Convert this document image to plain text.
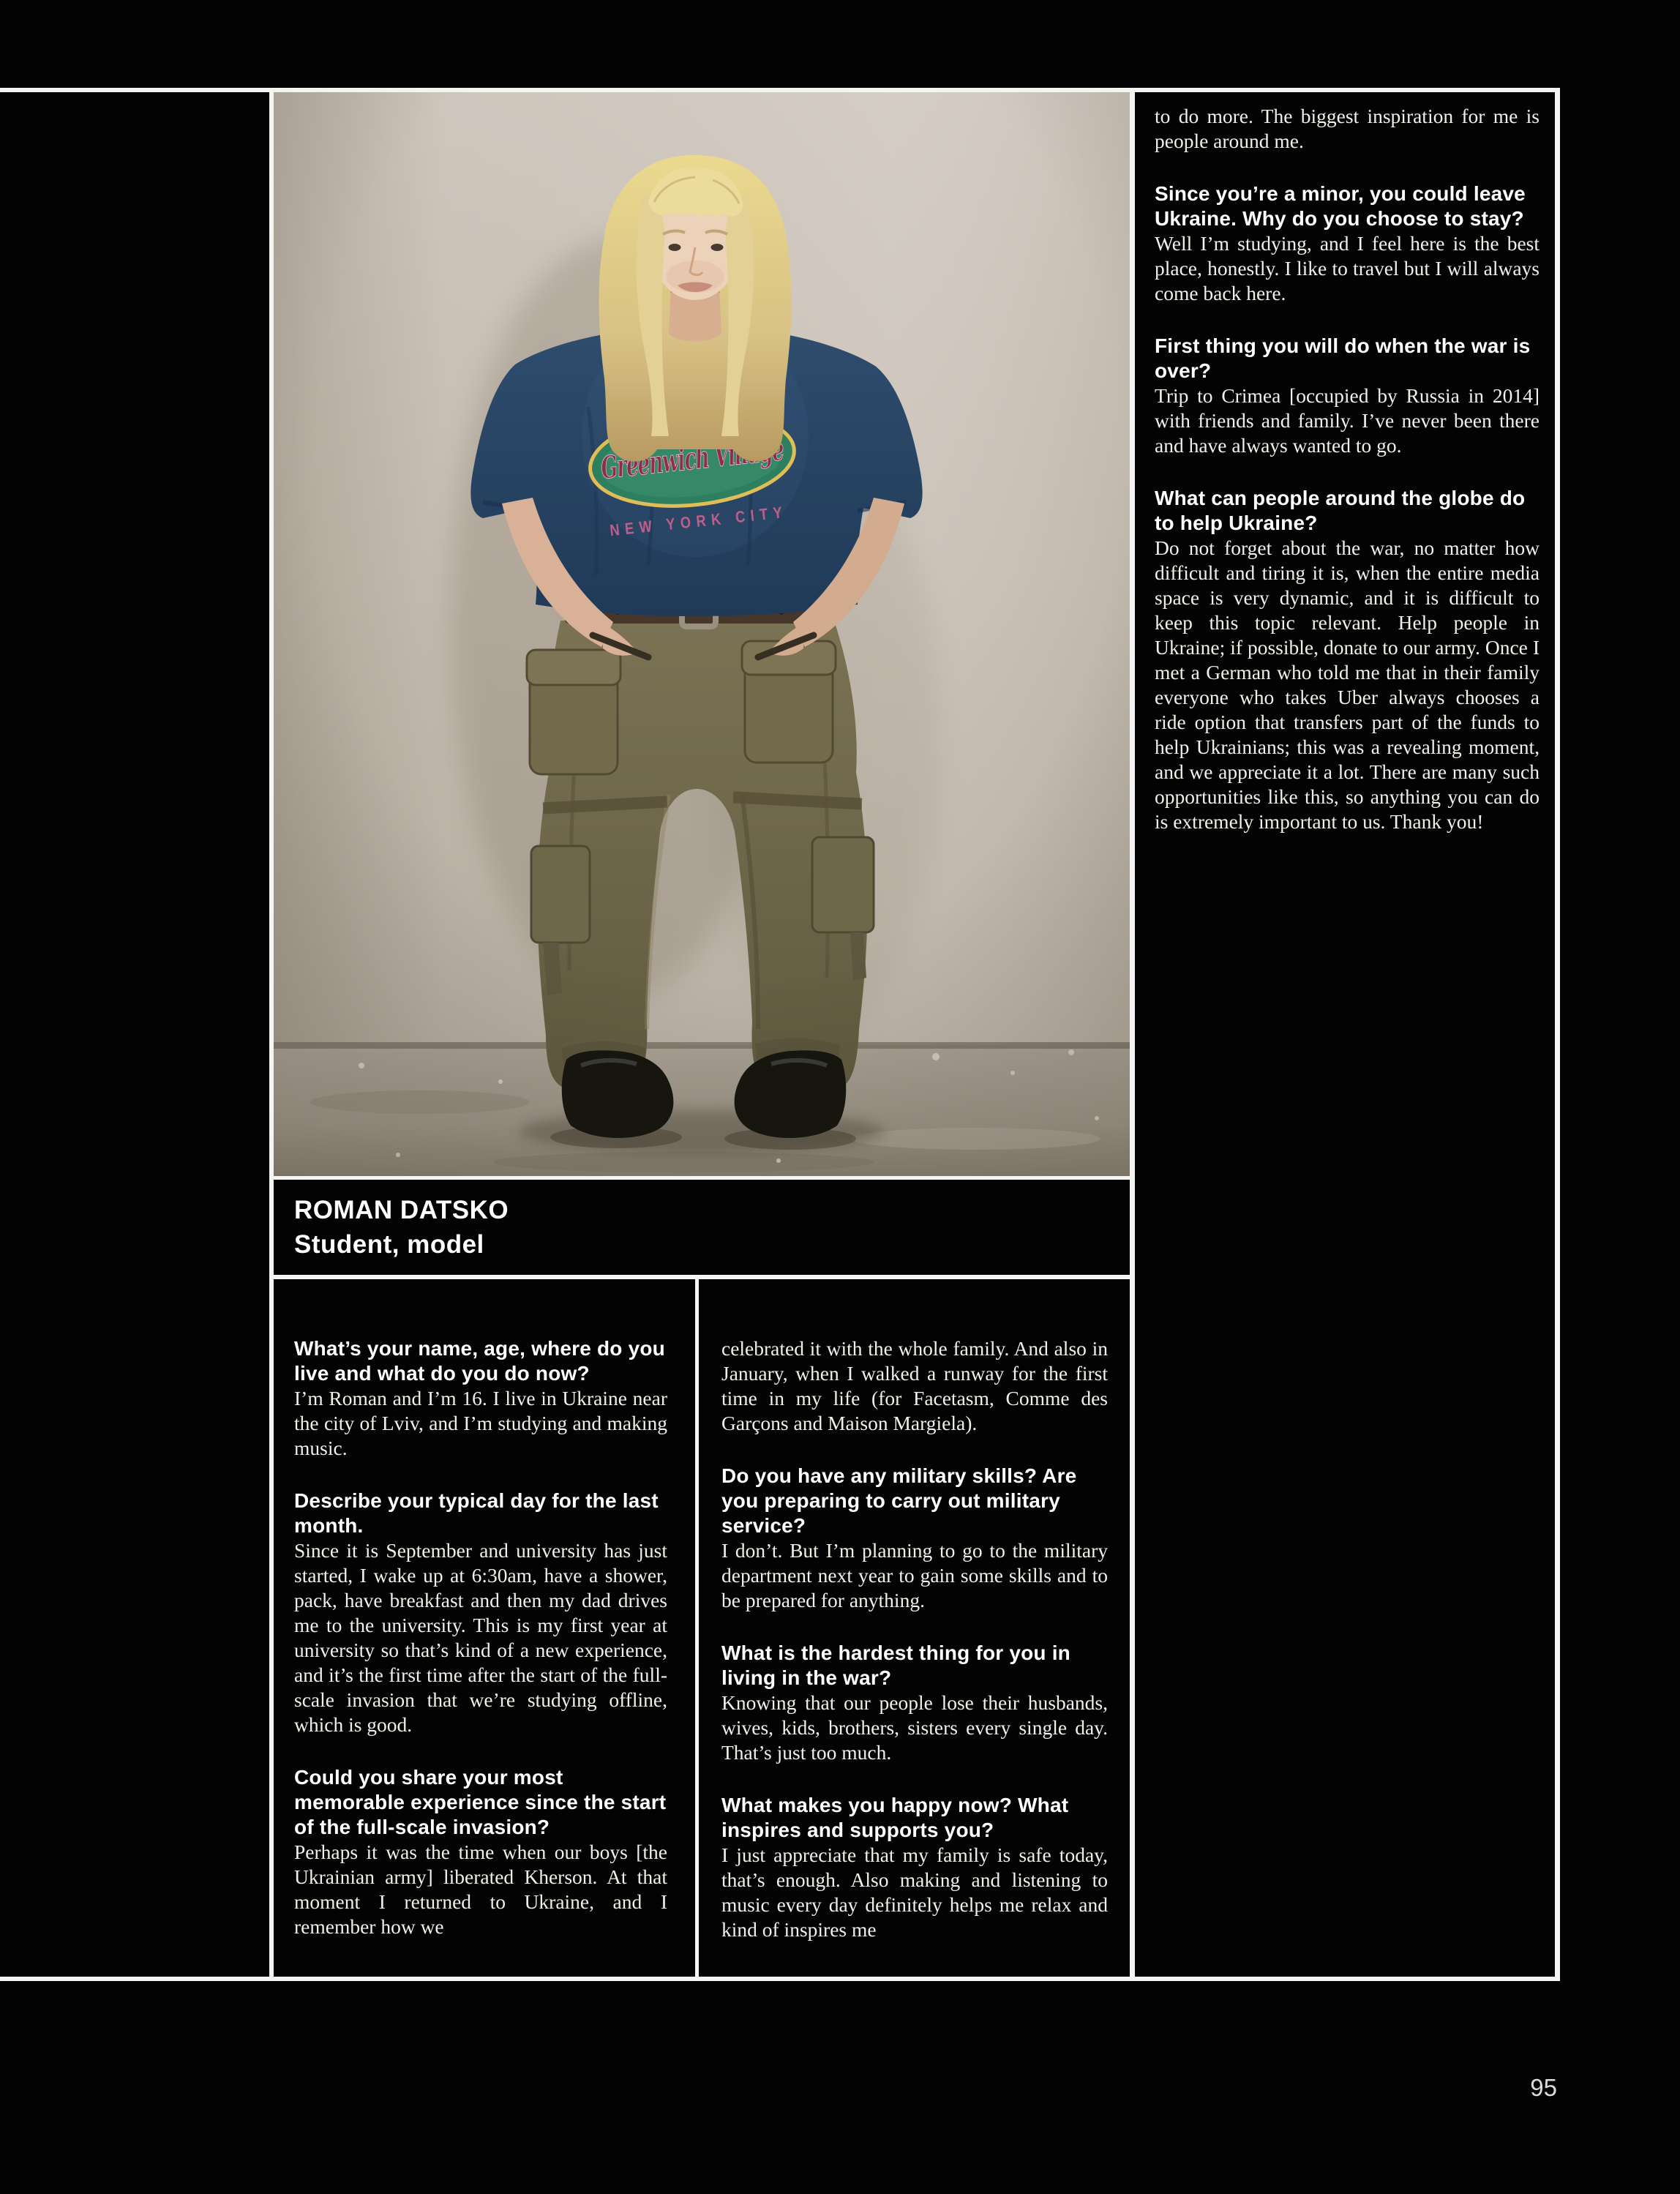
ROMAN DATSKO
Student, model
What’s your name, age, where do you live and what do you do now?

I’m Roman and I’m 16. I live in Ukraine near the city of Lviv, and I’m studying and making music.

Describe your typical day for the last month.

Since it is September and university has just started, I wake up at 6:30am, have a shower, pack, have breakfast and then my dad drives me to the university. This is my first year at university so that’s kind of a new experience, and it’s the first time after the start of the full-scale invasion that we’re studying offline, which is good.

Could you share your most memorable experience since the start of the full-scale invasion?

Perhaps it was the time when our boys [the Ukrainian army] liberated Kherson. At that moment I returned to Ukraine, and I remember how we

celebrated it with the whole family. And also in January, when I walked a runway for the first time in my life (for Facetasm, Comme des Garçons and Maison Margiela).

Do you have any military skills? Are you preparing to carry out military service?

I don’t. But I’m planning to go to the military department next year to gain some skills and to be prepared for anything.

What is the hardest thing for you in living in the war?

Knowing that our people lose their husbands, wives, kids, brothers, sisters every single day. That’s just too much.

What makes you happy now? What inspires and supports you?

I just appreciate that my family is safe today, that’s enough. Also making and listening to music every day definitely helps me relax and kind of inspires me

to do more. The biggest inspiration for me is people around me.

Since you’re a minor, you could leave Ukraine. Why do you choose to stay?

Well I’m studying, and I feel here is the best place, honestly. I like to travel but I will always come back here.

First thing you will do when the war is over?

Trip to Crimea [occupied by Russia in 2014] with friends and family. I’ve never been there and have always wanted to go.

What can people around the globe do to help Ukraine?

Do not forget about the war, no matter how difficult and tiring it is, when the entire media space is very dynamic, and it is difficult to keep this topic relevant. Help people in Ukraine; if possible, donate to our army. Once I met a German who told me that in their family everyone who takes Uber always chooses a ride option that transfers part of the funds to help Ukrainians; this was a revealing moment, and we appreciate it a lot. There are many such opportunities like this, so anything you can do is extremely important to us. Thank you!

95
